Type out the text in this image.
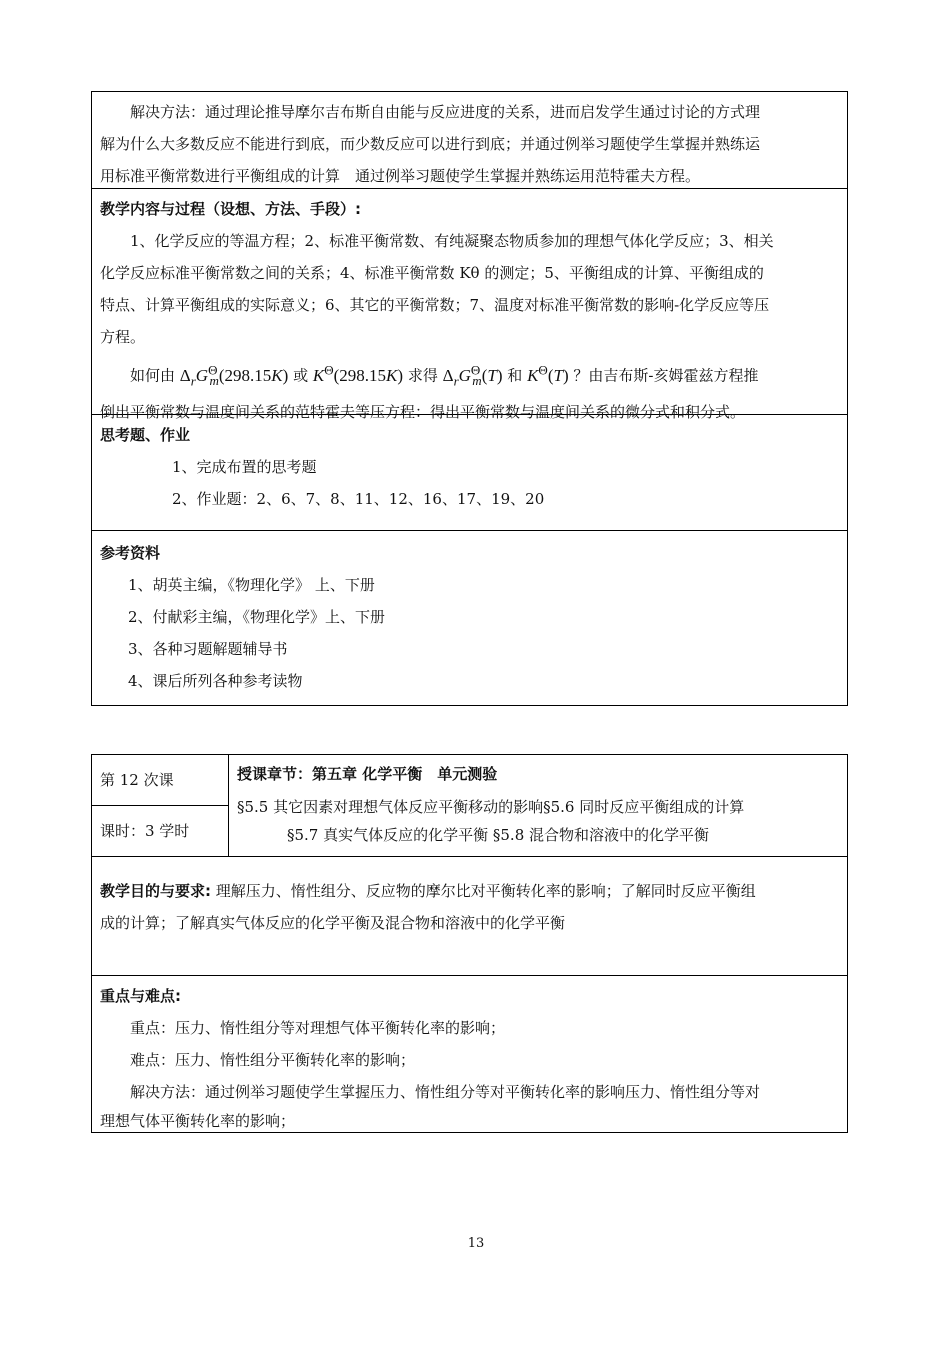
解决方法：通过理论推导摩尔吉布斯自由能与反应进度的关系，进而启发学生通过讨论的方式理

解为什么大多数反应不能进行到底，而少数反应可以进行到底；并通过例举习题使学生掌握并熟练运

用标准平衡常数进行平衡组成的计算　通过例举习题使学生掌握并熟练运用范特霍夫方程。

教学内容与过程（设想、方法、手段）:

1、化学反应的等温方程；2、标准平衡常数、有纯凝聚态物质参加的理想气体化学反应；3、相关

化学反应标准平衡常数之间的关系；4、标准平衡常数 Kθ 的测定；5、平衡组成的计算、平衡组成的

特点、计算平衡组成的实际意义；6、其它的平衡常数；7、温度对标准平衡常数的影响-化学反应等压

方程。

如何由 $\Delta_rG^\Theta_m(298.15K)$ 或 $K^\Theta(298.15K)$ 求得 $\Delta_rG^\Theta_m(T)$ 和 $K^\Theta(T)$ ？由吉布斯-亥姆霍兹方程推

倒出平衡常数与温度间关系的范特霍夫等压方程：得出平衡常数与温度间关系的微分式和积分式。

思考题、作业

1、完成布置的思考题
2、作业题：2、6、7、8、11、12、16、17、19、20

参考资料

1、胡英主编，《物理化学》 上、下册
2、付献彩主编，《物理化学》上、下册
3、各种习题解题辅导书
4、课后所列各种参考读物
第 12 次课
课时：3 学时
授课章节：第五章 化学平衡　单元测验
§5.5 其它因素对理想气体反应平衡移动的影响§5.6 同时反应平衡组成的计算
§5.7 真实气体反应的化学平衡 §5.8 混合物和溶液中的化学平衡

教学目的与要求: 理解压力、惰性组分、反应物的摩尔比对平衡转化率的影响；了解同时反应平衡组

成的计算；了解真实气体反应的化学平衡及混合物和溶液中的化学平衡

重点与难点:

重点：压力、惰性组分等对理想气体平衡转化率的影响；

难点：压力、惰性组分平衡转化率的影响；

解决方法：通过例举习题使学生掌握压力、惰性组分等对平衡转化率的影响压力、惰性组分等对

理想气体平衡转化率的影响；

13
